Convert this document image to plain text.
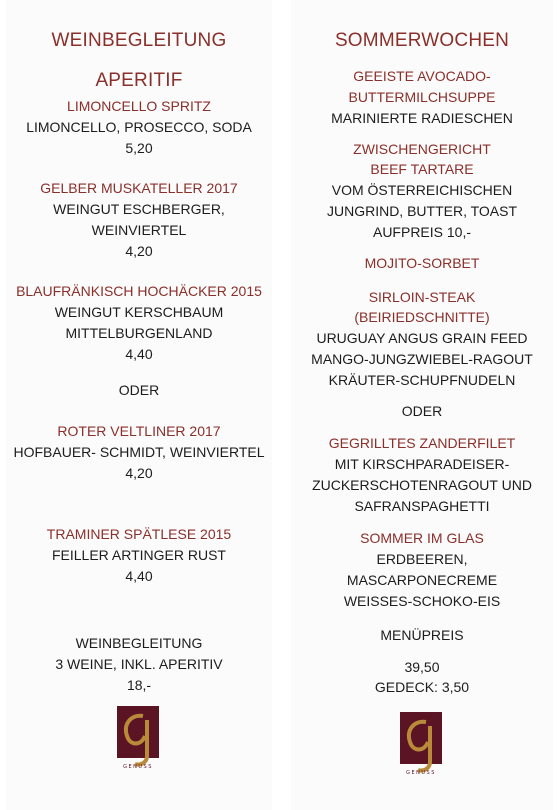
WEINBEGLEITUNG
APERITIF
LIMONCELLO SPRITZ
LIMONCELLO, PROSECCO, SODA
5,20
GELBER MUSKATELLER 2017
WEINGUT ESCHBERGER,
WEINVIERTEL
4,20
BLAUFRÄNKISCH HOCHÄCKER 2015
WEINGUT KERSCHBAUM
MITTELBURGENLAND
4,40
ODER
ROTER VELTLINER 2017
HOFBAUER- SCHMIDT, WEINVIERTEL
4,20
TRAMINER SPÄTLESE 2015
FEILLER ARTINGER RUST
4,40
WEINBEGLEITUNG
3 WEINE, INKL. APERITIV
18,-
GENUSS
SOMMERWOCHEN
GEEISTE AVOCADO-
BUTTERMILCHSUPPE
MARINIERTE RADIESCHEN
ZWISCHENGERICHT
BEEF TARTARE
VOM ÖSTERREICHISCHEN
JUNGRIND, BUTTER, TOAST
AUFPREIS 10,-
MOJITO-SORBET
SIRLOIN-STEAK
(BEIRIEDSCHNITTE)
URUGUAY ANGUS GRAIN FEED
MANGO-JUNGZWIEBEL-RAGOUT
KRÄUTER-SCHUPFNUDELN
ODER
GEGRILLTES ZANDERFILET
MIT KIRSCHPARADEISER-
ZUCKERSCHOTENRAGOUT UND
SAFRANSPAGHETTI
SOMMER IM GLAS
ERDBEEREN,
MASCARPONECREME
WEISSES-SCHOKO-EIS
MENÜPREIS
39,50
GEDECK: 3,50
GENUSS
